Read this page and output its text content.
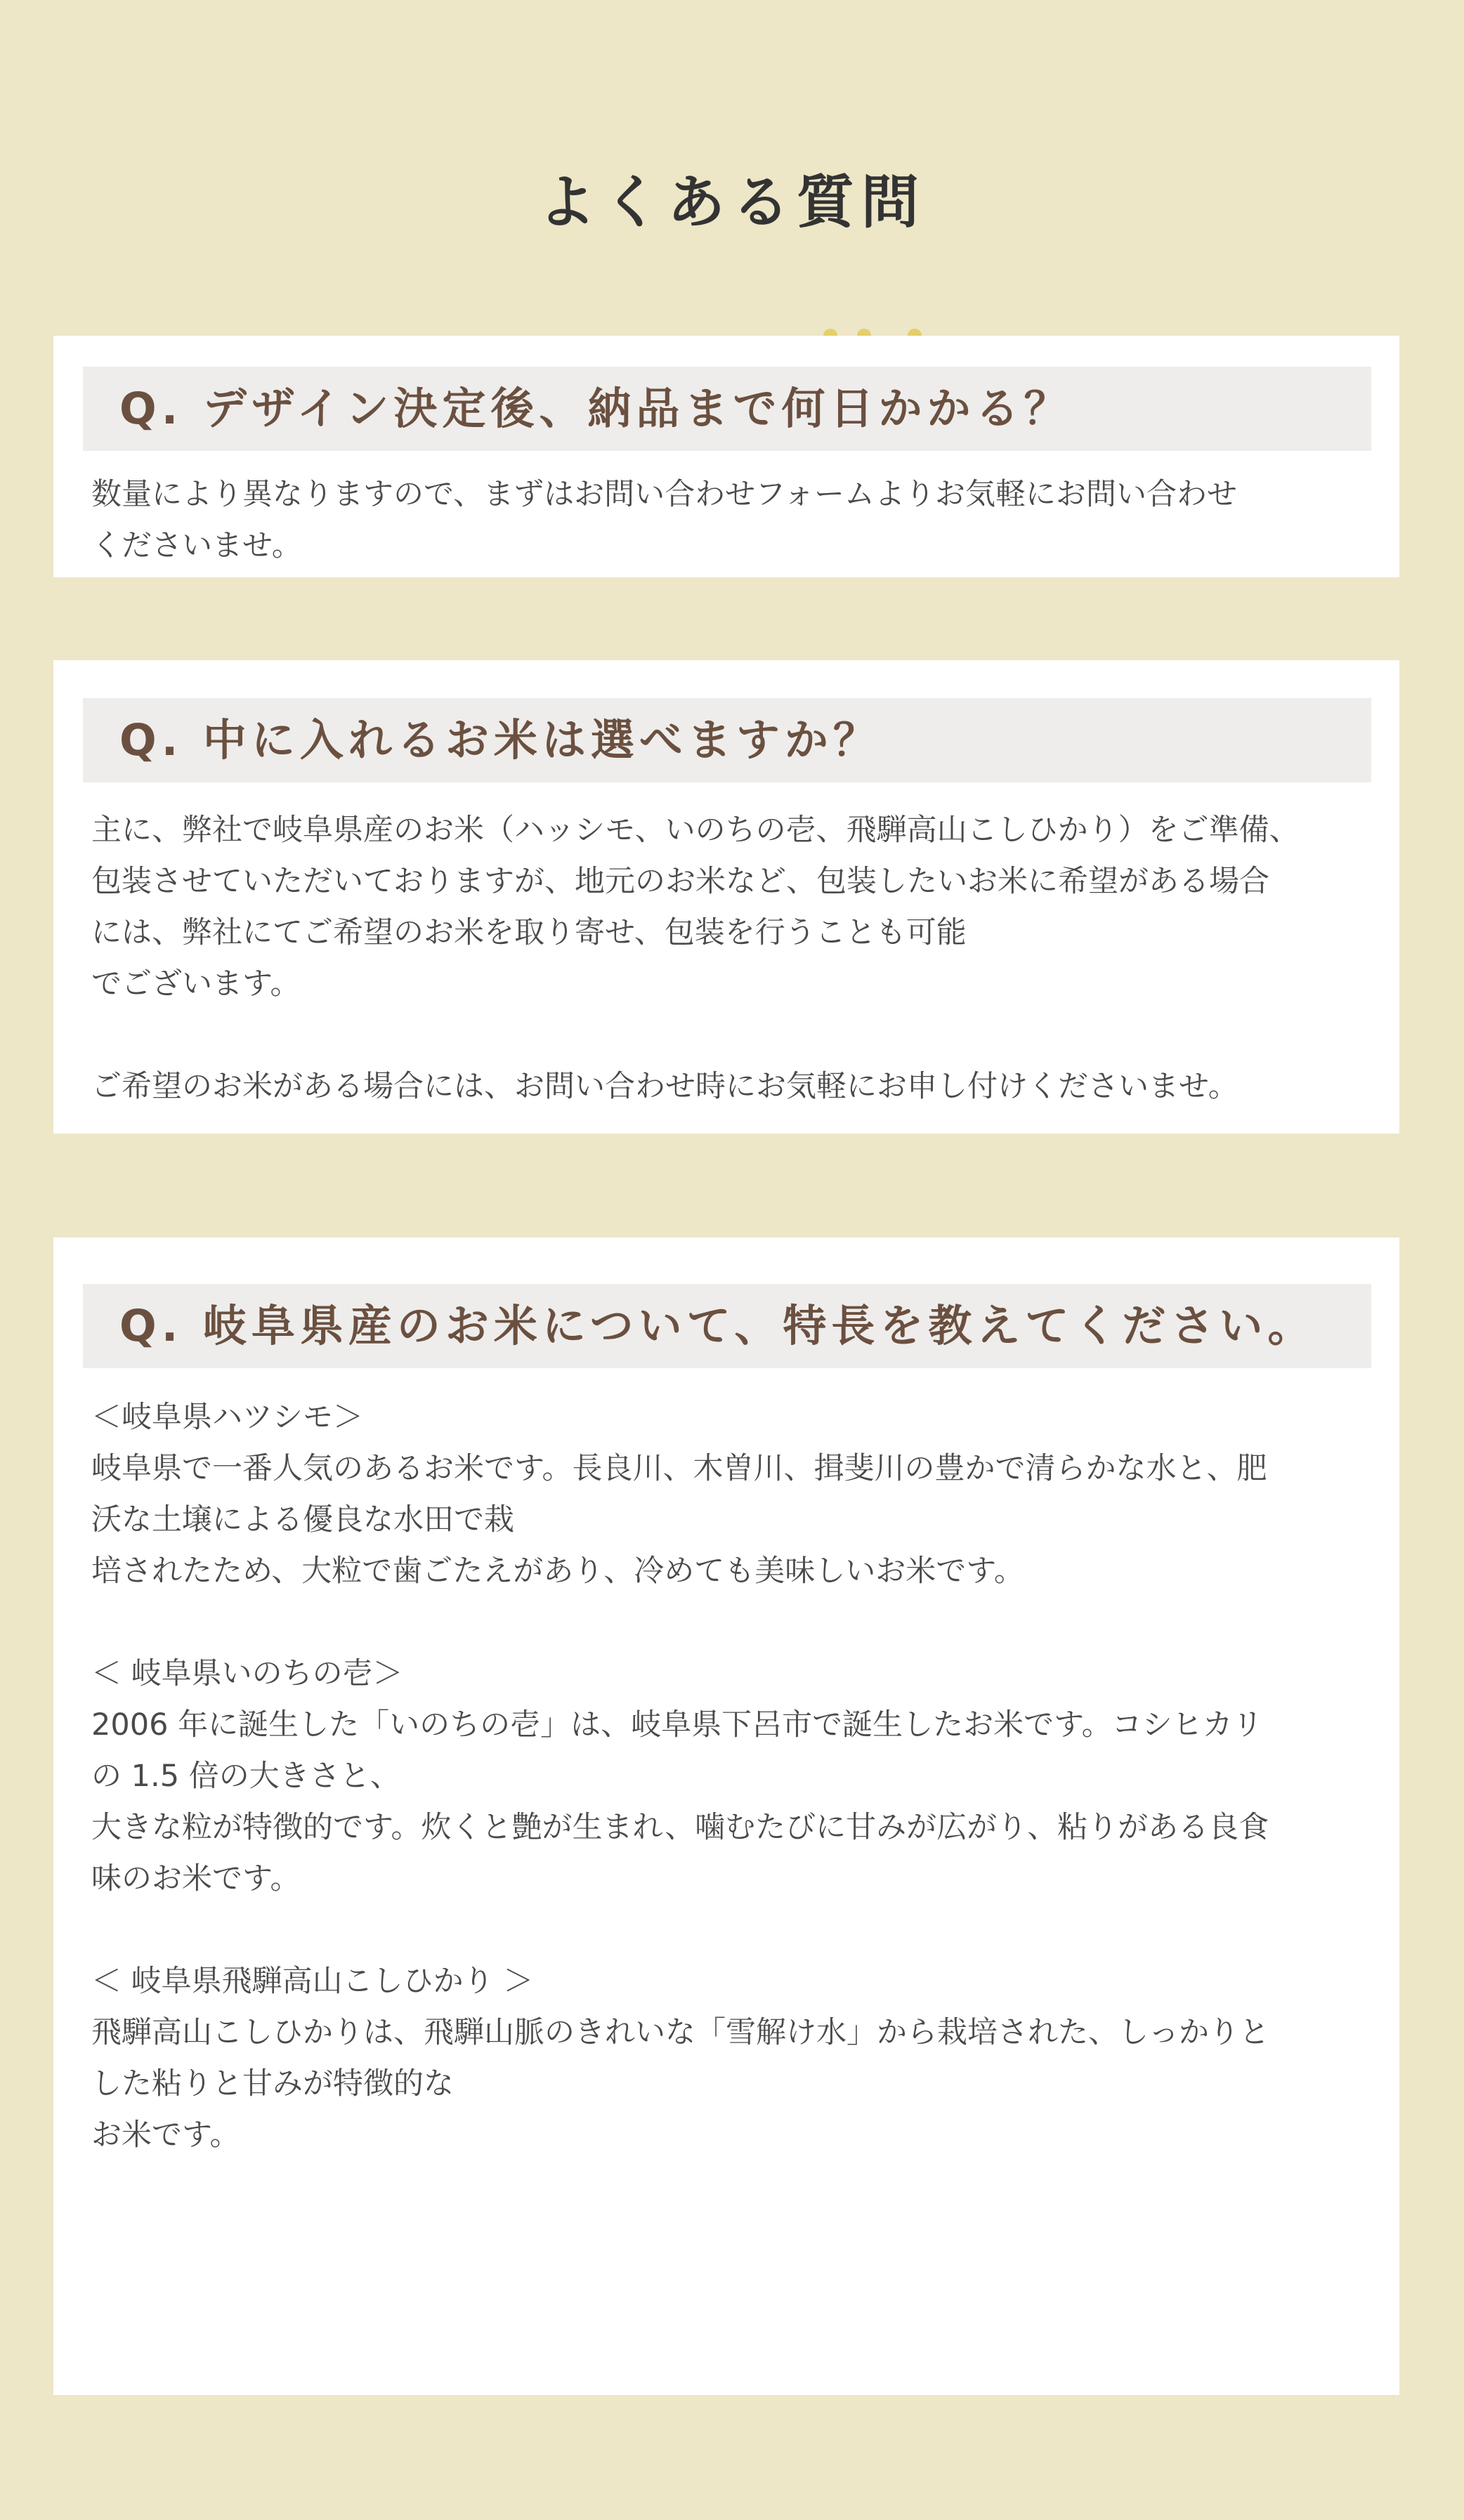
よくある質問
Q. デザイン決定後、納品まで何日かかる？

数量により異なりますので、まずはお問い合わせフォームよりお気軽にお問い合わせ

くださいませ。

Q. 中に入れるお米は選べますか？

主に、弊社で岐阜県産のお米（ハッシモ、いのちの壱、飛騨高山こしひかり）をご準備、

包装させていただいておりますが、地元のお米など、包装したいお米に希望がある場合

には、弊社にてご希望のお米を取り寄せ、包装を行うことも可能

でございます。

ご希望のお米がある場合には、お問い合わせ時にお気軽にお申し付けくださいませ。

Q. 岐阜県産のお米について、特長を教えてください。

＜岐阜県ハツシモ＞

岐阜県で一番人気のあるお米です。長良川、木曽川、揖斐川の豊かで清らかな水と、肥

沃な土壌による優良な水田で栽

培されたため、大粒で歯ごたえがあり、冷めても美味しいお米です。

＜ 岐阜県いのちの壱＞

2006 年に誕生した「いのちの壱」は、岐阜県下呂市で誕生したお米です。コシヒカリ

の 1.5 倍の大きさと、

大きな粒が特徴的です。炊くと艶が生まれ、噛むたびに甘みが広がり、粘りがある良食

味のお米です。

＜ 岐阜県飛騨高山こしひかり ＞

飛騨高山こしひかりは、飛騨山脈のきれいな「雪解け水」から栽培された、しっかりと

した粘りと甘みが特徴的な

お米です。
